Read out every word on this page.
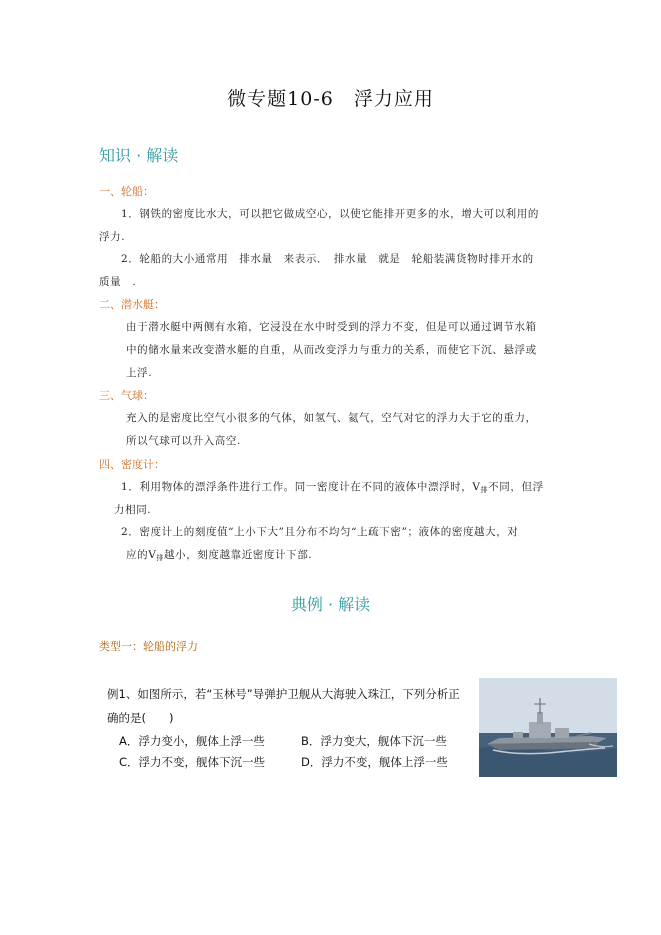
微专题10-6　浮力应用
知识 · 解读
一、轮船：
1．钢铁的密度比水大，可以把它做成空心，以使它能排开更多的水，增大可以利用的
浮力.
2．轮船的大小通常用　排水量　来表示．　排水量　就是　轮船装满货物时排开水的
质量　.
二、潜水艇：
由于潜水艇中两侧有水箱，它浸没在水中时受到的浮力不变，但是可以通过调节水箱
中的储水量来改变潜水艇的自重，从而改变浮力与重力的关系，而使它下沉、悬浮或
上浮.
三、气球：
充入的是密度比空气小很多的气体，如氢气、氦气，空气对它的浮力大于它的重力，
所以气球可以升入高空.
四、密度计：
1．利用物体的漂浮条件进行工作。同一密度计在不同的液体中漂浮时，$V_排$不同，但浮
力相同.
2．密度计上的刻度值“上小下大”且分布不均匀“上疏下密”；液体的密度越大，对
应的$V_排$越小，刻度越靠近密度计下部.
典例 · 解读
类型一：轮船的浮力
例1、如图所示，若“玉林号”导弹护卫舰从大海驶入珠江，下列分析正
确的是(　　)
A．浮力变小，舰体上浮一些	B．浮力变大，舰体下沉一些
C．浮力不变，舰体下沉一些	D．浮力不变，舰体上浮一些
